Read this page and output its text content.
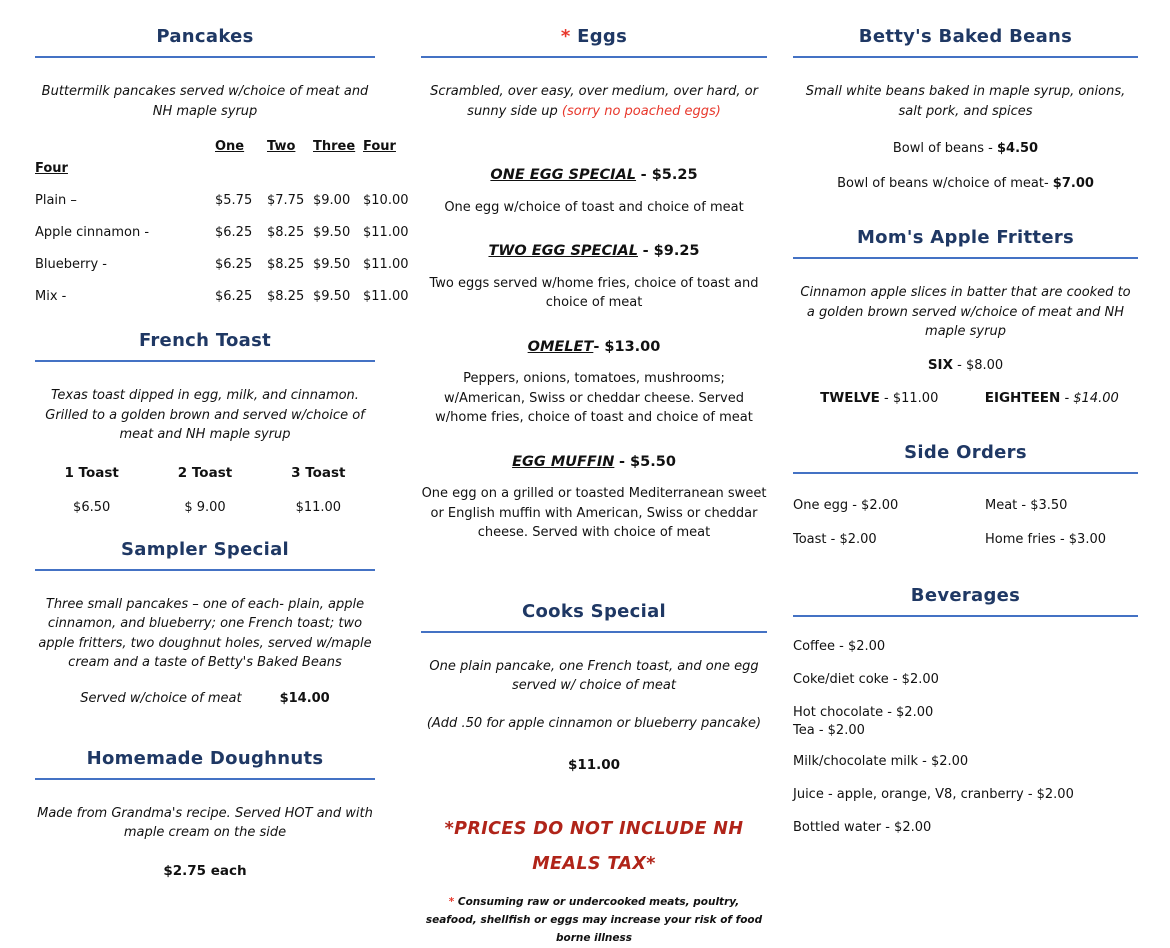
Pancakes

Buttermilk pancakes served w/choice of meat and NH maple syrup

One	Two	Three Four
Four
Plain –	$5.75	$7.75 $9.00 $10.00
Apple cinnamon -	$6.25	$8.25 $9.50 $11.00
Blueberry -	$6.25	$8.25 $9.50 $11.00
Mix -	$6.25	$8.25 $9.50 $11.00
French Toast

Texas toast dipped in egg, milk, and cinnamon. Grilled to a golden brown and served w/choice of meat and NH maple syrup

1 Toast	2 Toast	3 Toast
$6.50	$ 9.00	$11.00
Sampler Special

Three small pancakes – one of each- plain, apple cinnamon, and blueberry; one French toast; two apple fritters, two doughnut holes, served w/maple cream and a taste of Betty's Baked Beans

Served w/choice of meat	$14.00

Homemade Doughnuts

Made from Grandma's recipe. Served HOT and with maple cream on the side

$2.75 each

* Eggs

Scrambled, over easy, over medium, over hard, or sunny side up (sorry no poached eggs)

ONE EGG SPECIAL - $5.25

One egg w/choice of toast and choice of meat

TWO EGG SPECIAL - $9.25

Two eggs served w/home fries, choice of toast and choice of meat

OMELET- $13.00

Peppers, onions, tomatoes, mushrooms; w/American, Swiss or cheddar cheese. Served w/home fries, choice of toast and choice of meat

EGG MUFFIN - $5.50

One egg on a grilled or toasted Mediterranean sweet or English muffin with American, Swiss or cheddar cheese. Served with choice of meat

Cooks Special

One plain pancake, one French toast, and one egg served w/ choice of meat

(Add .50 for apple cinnamon or blueberry pancake)

$11.00

*PRICES DO NOT INCLUDE NH

MEALS TAX*

* Consuming raw or undercooked meats, poultry, seafood, shellfish or eggs may increase your risk of food borne illness

Betty's Baked Beans

Small white beans baked in maple syrup, onions, salt pork, and spices

Bowl of beans - $4.50

Bowl of beans w/choice of meat- $7.00

Mom's Apple Fritters

Cinnamon apple slices in batter that are cooked to a golden brown served w/choice of meat and NH maple syrup

SIX - $8.00

TWELVE - $11.00	EIGHTEEN - $14.00
Side Orders
One egg - $2.00	Meat - $3.50
Toast - $2.00	Home fries - $3.00
Beverages

Coffee - $2.00

Coke/diet coke - $2.00

Hot chocolate - $2.00

Tea - $2.00

Milk/chocolate milk - $2.00

Juice - apple, orange, V8, cranberry - $2.00

Bottled water - $2.00
